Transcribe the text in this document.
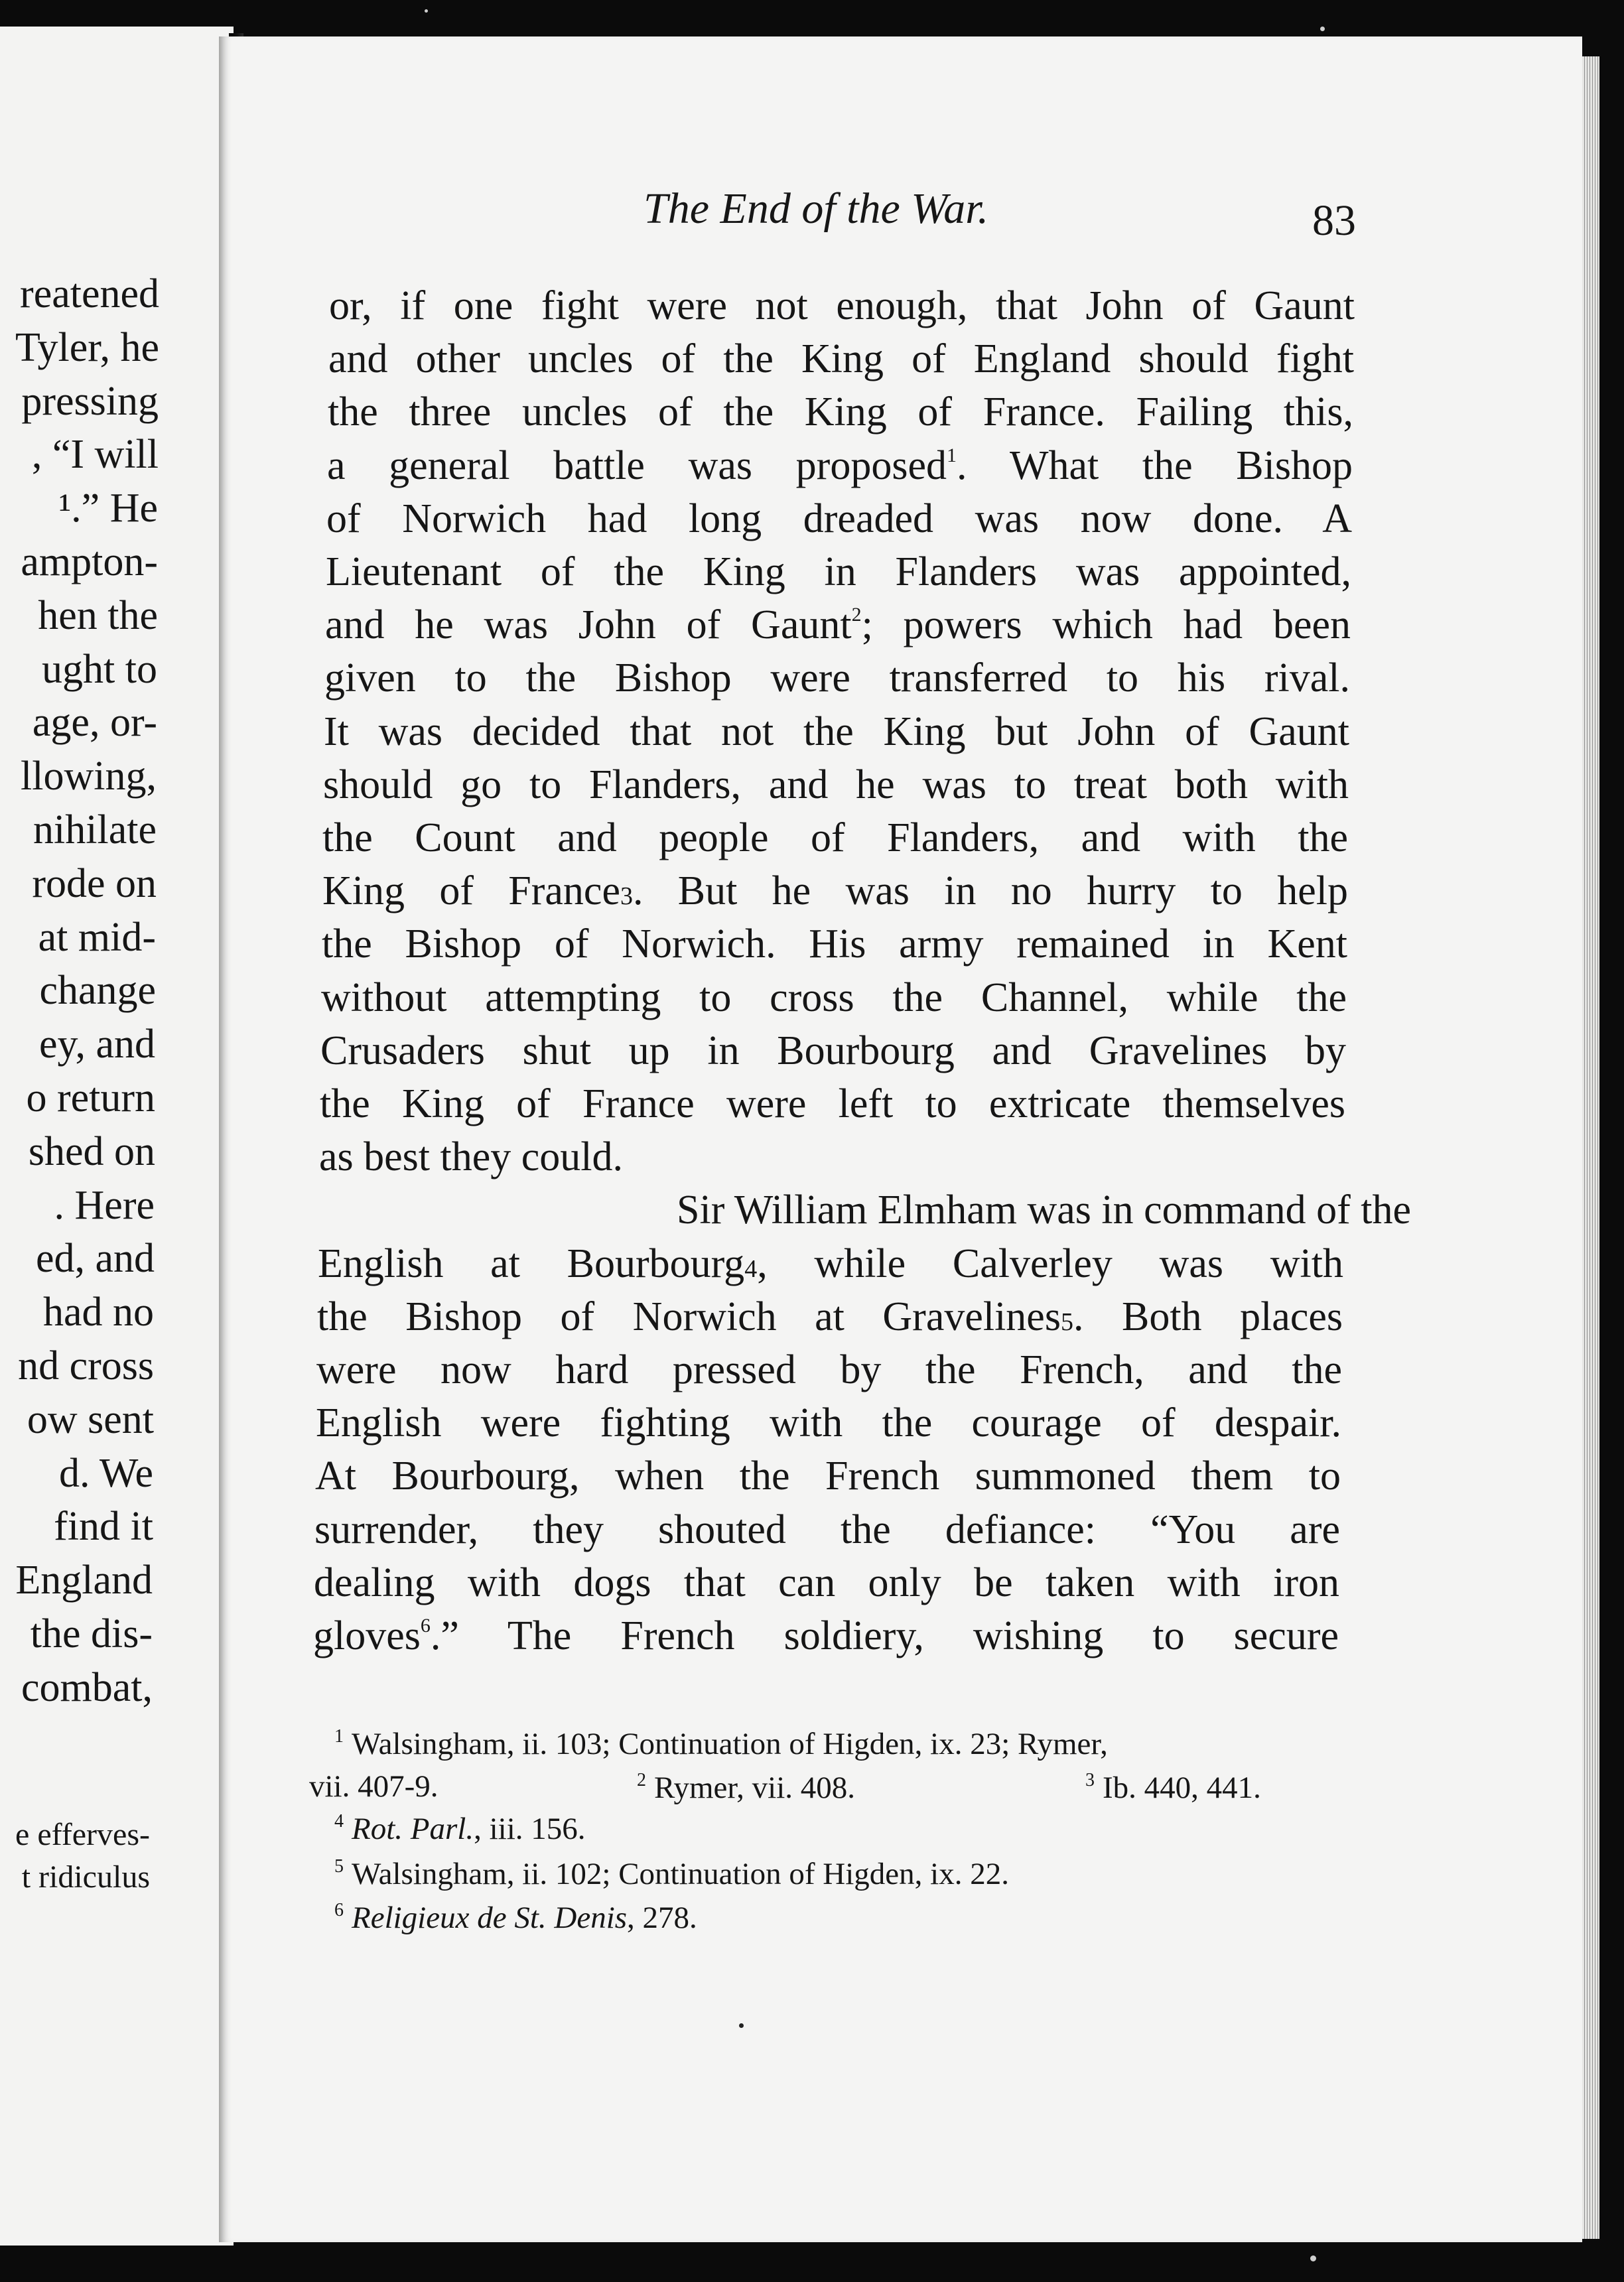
reatened
Tyler, he
pressing
, “I will
¹.” He
ampton-
hen the
ught to
age, or-
llowing,
nihilate
rode on
at mid-
change
ey, and
o return
shed on
. Here
ed, and
had no
nd cross
ow sent
d. We
find it
England
the dis-
combat,
e efferves-
t ridiculus
The End of the War.	83
or, if one fight were not enough, that John of Gaunt
and other uncles of the King of England should fight
the three uncles of the King of France. Failing this,
a general battle was proposed$^1$. What the Bishop
of Norwich had long dreaded was now done. A
Lieutenant of the King in Flanders was appointed,
and he was John of Gaunt$^2$; powers which had been
given to the Bishop were transferred to his rival.
It was decided that not the King but John of Gaunt
should go to Flanders, and he was to treat both with
the Count and people of Flanders, and with the
King of France3. But he was in no hurry to help
the Bishop of Norwich. His army remained in Kent
without attempting to cross the Channel, while the
Crusaders shut up in Bourbourg and Gravelines by
the King of France were left to extricate themselves
as best they could.
Sir William Elmham was in command of the
English at Bourbourg4, while Calverley was with
the Bishop of Norwich at Gravelines5. Both places
were now hard pressed by the French, and the
English were fighting with the courage of despair.
At Bourbourg, when the French summoned them to
surrender, they shouted the defiance: “You are
dealing with dogs that can only be taken with iron
gloves$^6$.” The French soldiery, wishing to secure
$^1$ Walsingham, ii. 103; Continuation of Higden, ix. 23; Rymer,
vii. 407-9.	$^2$ Rymer, vii. 408.	$^3$ Ib. 440, 441.
$^4$ Rot. Parl., iii. 156.
$^5$ Walsingham, ii. 102; Continuation of Higden, ix. 22.
$^6$ Religieux de St. Denis, 278.
